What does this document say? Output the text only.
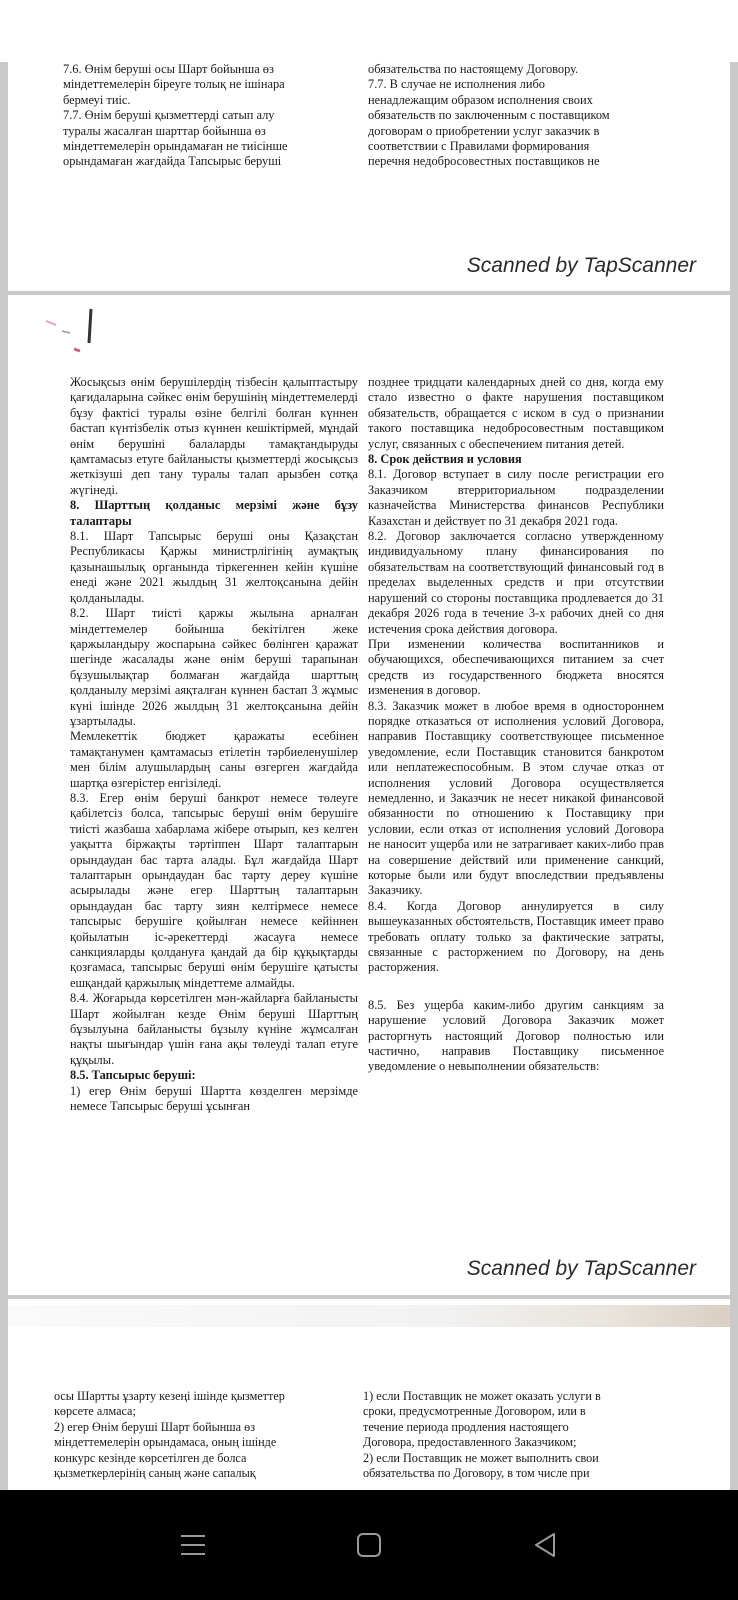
7.6. Өнім беруші осы Шарт бойынша өз

міндеттемелерін біреуге толық не ішінара

бермеуі тиіс.

7.7. Өнім беруші қызметтерді сатып алу

туралы жасалған шарттар бойынша өз

міндеттемелерін орындамаған не тиісінше

орындамаған жағдайда Тапсырыс беруші

обязательства по настоящему Договору.

7.7. В случае не исполнения либо

ненадлежащим образом исполнения своих

обязательств по заключенным с поставщиком

договорам о приобретении услуг заказчик в

соответствии с Правилами формирования

перечня недобросовестных поставщиков не

Scanned by TapScanner

Жосықсыз өнім берушілердің тізбесін қалыптастыру қағидаларына сәйкес өнім берушінің міндеттемелерді бұзу фактісі туралы өзіне белгілі болған күннен бастап күнтізбелік отыз күннен кешіктірмей, мұндай өнім берушіні балаларды тамақтандыруды қамтамасыз етуге байланысты қызметтерді жосықсыз жеткізуші деп тану туралы талап арызбен сотқа жүгінеді.

8. Шарттың қолданыс мерзімі және бұзу талаптары

8.1. Шарт Тапсырыс беруші оны Қазақстан Республикасы Қаржы министрлігінің аумақтық қазынашылық органында тіркегеннен кейін күшіне енеді және 2021 жылдың 31 желтоқсанына дейін қолданылады.

8.2. Шарт тиісті қаржы жылына арналған міндеттемелер бойынша бекітілген жеке қаржыландыру жоспарына сәйкес бөлінген қаражат шегінде жасалады және өнім беруші тарапынан бұзушылықтар болмаған жағдайда шарттың қолданылу мерзімі аяқталған күннен бастап 3 жұмыс күні ішінде 2026 жылдың 31 желтоқсанына дейін ұзартылады.

Мемлекеттік бюджет қаражаты есебінен тамақтанумен қамтамасыз етілетін тәрбиеленушілер мен білім алушылардың саны өзгерген жағдайда шартқа өзгерістер енгізіледі.

8.3. Егер өнім беруші банкрот немесе төлеуге қабілетсіз болса, тапсырыс беруші өнім берушіге тиісті жазбаша хабарлама жібере отырып, кез келген уақытта біржақты тәртіппен Шарт талаптарын орындаудан бас тарта алады. Бұл жағдайда Шарт талаптарын орындаудан бас тарту дереу күшіне асырылады және егер Шарттың талаптарын орындаудан бас тарту зиян келтірмесе немесе тапсырыс берушіге қойылған немесе кейіннен қойылатын іс-әрекеттерді жасауға немесе санкцияларды қолдануға қандай да бір құқықтарды қозғамаса, тапсырыс беруші өнім берушіге қатысты ешқандай қаржылық міндеттеме алмайды.

8.4. Жоғарыда көрсетілген мән-жайларға байланысты Шарт жойылған кезде Өнім беруші Шарттың бұзылуына байланысты бұзылу күніне жұмсалған нақты шығындар үшін ғана ақы төлеуді талап етуге құқылы.

8.5. Тапсырыс беруші:

1) егер Өнім беруші Шартта көзделген мерзімде немесе Тапсырыс беруші ұсынған

позднее тридцати календарных дней со дня, когда ему стало известно о факте нарушения поставщиком обязательств, обращается с иском в суд о признании такого поставщика недобросовестным поставщиком услуг, связанных с обеспечением питания детей.

8. Срок действия и условия

8.1. Договор вступает в силу после регистрации его Заказчиком втерриториальном подразделении казначейства Министерства финансов Республики Казахстан и действует по 31 декабря 2021 года.

8.2. Договор заключается согласно утвержденному индивидуальному плану финансирования по обязательствам на соответствующий финансовый год в пределах выделенных средств и при отсутствии нарушений со стороны поставщика продлевается до 31 декабря 2026 года в течение 3-х рабочих дней со дня истечения срока действия договора.

При изменении количества воспитанников и обучающихся, обеспечивающихся питанием за счет средств из государственного бюджета вносятся изменения в договор.

8.3. Заказчик может в любое время в одностороннем порядке отказаться от исполнения условий Договора, направив Поставщику соответствующее письменное уведомление, если Поставщик становится банкротом или неплатежеспособным. В этом случае отказ от исполнения условий Договора осуществляется немедленно, и Заказчик не несет никакой финансовой обязанности по отношению к Поставщику при условии, если отказ от исполнения условий Договора не наносит ущерба или не затрагивает каких-либо прав на совершение действий или применение санкций, которые были или будут впоследствии предъявлены Заказчику.

8.4. Когда Договор аннулируется в силу вышеуказанных обстоятельств, Поставщик имеет право требовать оплату только за фактические затраты, связанные с расторжением по Договору, на день расторжения.

8.5. Без ущерба каким-либо другим санкциям за нарушение условий Договора Заказчик может расторгнуть настоящий Договор полностью или частично, направив Поставщику письменное уведомление о невыполнении обязательств:

Scanned by TapScanner

осы Шартты ұзарту кезеңі ішінде қызметтер

көрсете алмаса;

2) егер Өнім беруші Шарт бойынша өз

міндеттемелерін орындамаса, оның ішінде

конкурс кезінде көрсетілген де болса

қызметкерлерінің саның және сапалық

1) если Поставщик не может оказать услуги в

сроки, предусмотренные Договором, или в

течение периода продления настоящего

Договора, предоставленного Заказчиком;

2) если Поставщик не может выполнить свои

обязательства по Договору, в том числе при
